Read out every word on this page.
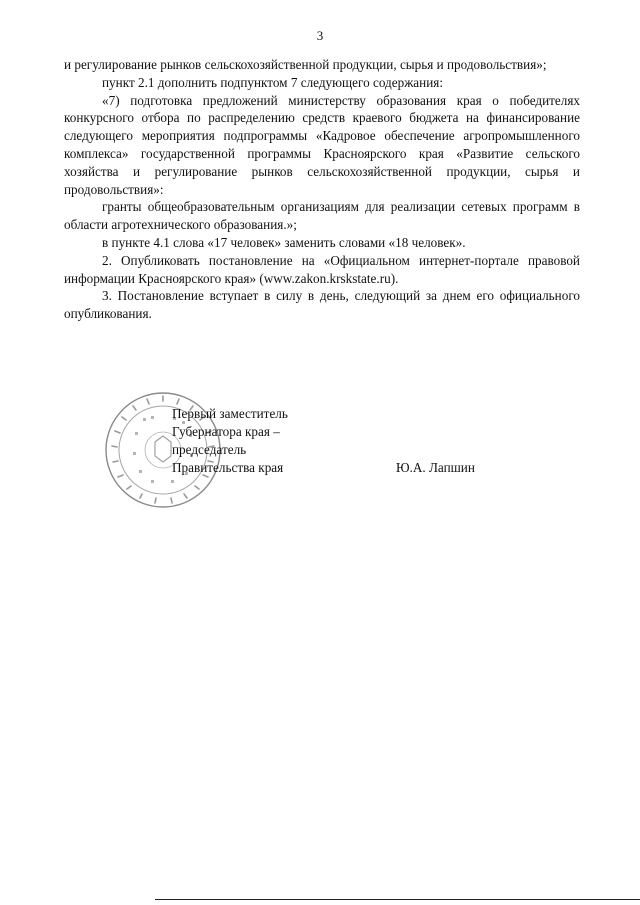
3

и регулирование рынков сельскохозяйственной продукции, сырья и продовольствия»;

пункт 2.1 дополнить подпунктом 7 следующего содержания:

«7) подготовка предложений министерству образования края о победителях конкурсного отбора по распределению средств краевого бюджета на финансирование следующего мероприятия подпрограммы «Кадровое обеспечение агропромышленного комплекса» государственной программы Красноярского края «Развитие сельского хозяйства и регулирование рынков сельскохозяйственной продукции, сырья и продовольствия»:

гранты общеобразовательным организациям для реализации сетевых программ в области агротехнического образования.»;

в пункте 4.1 слова «17 человек» заменить словами «18 человек».

2. Опубликовать постановление на «Официальном интернет-портале правовой информации Красноярского края» (www.zakon.krskstate.ru).

3. Постановление вступает в силу в день, следующий за днем его официального опубликования.

Первый заместитель
Губернатора края –
председатель
Правительства края	Ю.А. Лапшин
